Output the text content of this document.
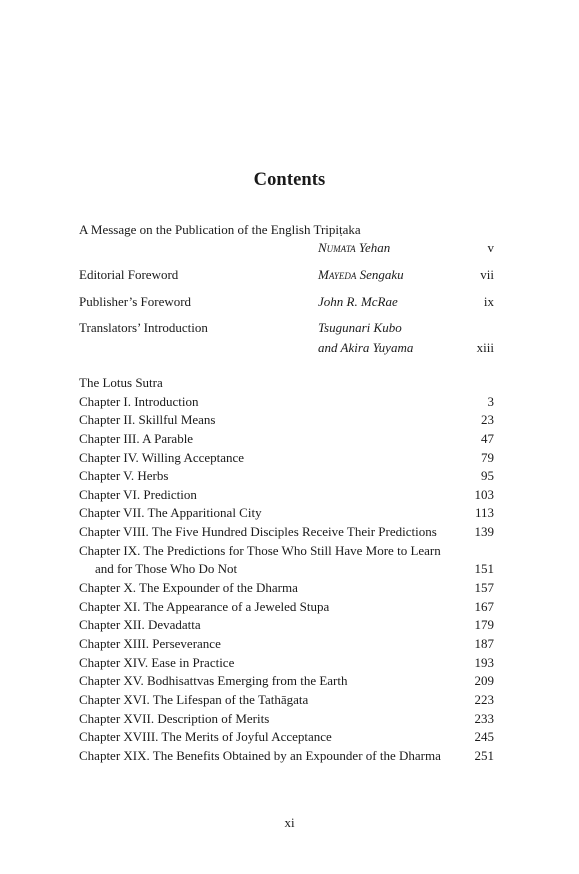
Contents
A Message on the Publication of the English Tripiṭaka
Numata Yehan	v
Editorial Foreword	Mayeda Sengaku	vii
Publisher’s Foreword	John R. McRae	ix
Translators’ Introduction	Tsugunari Kubo
and Akira Yuyama	xiii
The Lotus Sutra
Chapter I. Introduction	3
Chapter II. Skillful Means	23
Chapter III. A Parable	47
Chapter IV. Willing Acceptance	79
Chapter V. Herbs	95
Chapter VI. Prediction	103
Chapter VII. The Apparitional City	113
Chapter VIII. The Five Hundred Disciples Receive Their Predictions	139
Chapter IX. The Predictions for Those Who Still Have More to Learn
and for Those Who Do Not	151
Chapter X. The Expounder of the Dharma	157
Chapter XI. The Appearance of a Jeweled Stupa	167
Chapter XII. Devadatta	179
Chapter XIII. Perseverance	187
Chapter XIV. Ease in Practice	193
Chapter XV. Bodhisattvas Emerging from the Earth	209
Chapter XVI. The Lifespan of the Tathāgata	223
Chapter XVII. Description of Merits	233
Chapter XVIII. The Merits of Joyful Acceptance	245
Chapter XIX. The Benefits Obtained by an Expounder of the Dharma	251
xi
